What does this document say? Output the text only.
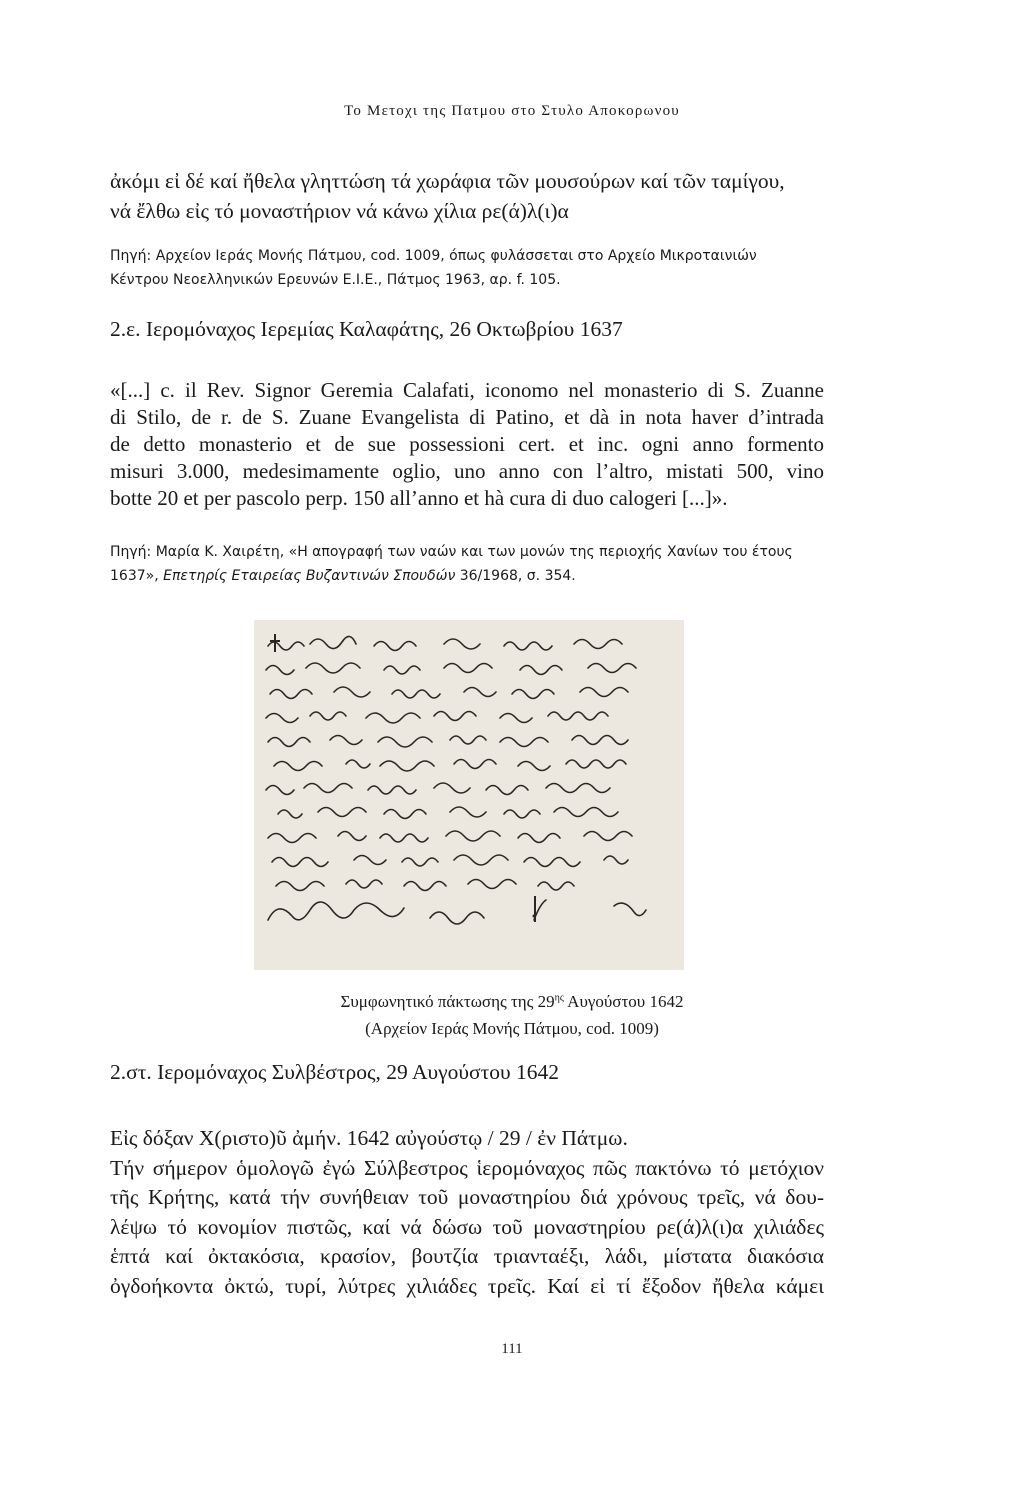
Το Μετοχι της Πατμου στο Στυλο Αποκορωνου
ἀκόμι εἰ δέ καί ἤθελα γληττώση τά χωράφια τῶν μουσούρων καί τῶν ταμίγου,
νά ἔλθω εἰς τό μοναστήριον νά κάνω χίλια ρε(ά)λ(ι)α
Πηγή: Αρχείον Ιεράς Μονής Πάτμου, cod. 1009, όπως φυλάσσεται στο Αρχείο Μικροταινιών
Κέντρου Νεοελληνικών Ερευνών Ε.Ι.Ε., Πάτμος 1963, αρ. f. 105.
2.ε. Ιερομόναχος Ιερεμίας Καλαφάτης, 26 Οκτωβρίου 1637
«[...] c. il Rev. Signor Geremia Calafati, iconomo nel monasterio di S. Zuanne
di Stilo, de r. de S. Zuane Evangelista di Patino, et dà in nota haver d’intrada
de detto monasterio et de sue possessioni cert. et inc. ogni anno formento
misuri 3.000, medesimamente oglio, uno anno con l’altro, mistati 500, vino
botte 20 et per pascolo perp. 150 all’anno et hà cura di duo calogeri [...]».
Πηγή: Μαρία Κ. Χαιρέτη, «Η απογραφή των ναών και των μονών της περιοχής Χανίων του έτους
1637», Επετηρίς Εταιρείας Βυζαντινών Σπουδών 36/1968, σ. 354.
Συμφωνητικό πάκτωσης της $29^{\eta\varsigma}$ Αυγούστου 1642
(Αρχείον Ιεράς Μονής Πάτμου, cod. 1009)
2.στ. Ιερομόναχος Συλβέστρος, 29 Αυγούστου 1642
Εἰς δόξαν Χ(ριστο)ῦ ἀμήν. 1642 αὐγούστῳ / 29 / ἐν Πάτμω.
Τήν σήμερον ὁμολογῶ ἐγώ Σύλβεστρος ἱερομόναχος πῶς πακτόνω τό μετόχιον
τῆς Κρήτης, κατά τήν συνήθειαν τοῦ μοναστηρίου διά χρόνους τρεῖς, νά δου-
λέψω τό κονομίον πιστῶς, καί νά δώσω τοῦ μοναστηρίου ρε(ά)λ(ι)α χιλιάδες
ἑπτά καί ὀκτακόσια, κρασίον, βουτζία τριανταέξι, λάδι, μίστατα διακόσια
ὀγδοήκοντα ὀκτώ, τυρί, λύτρες χιλιάδες τρεῖς. Καί εἰ τί ἔξοδον ἤθελα κάμει
111
